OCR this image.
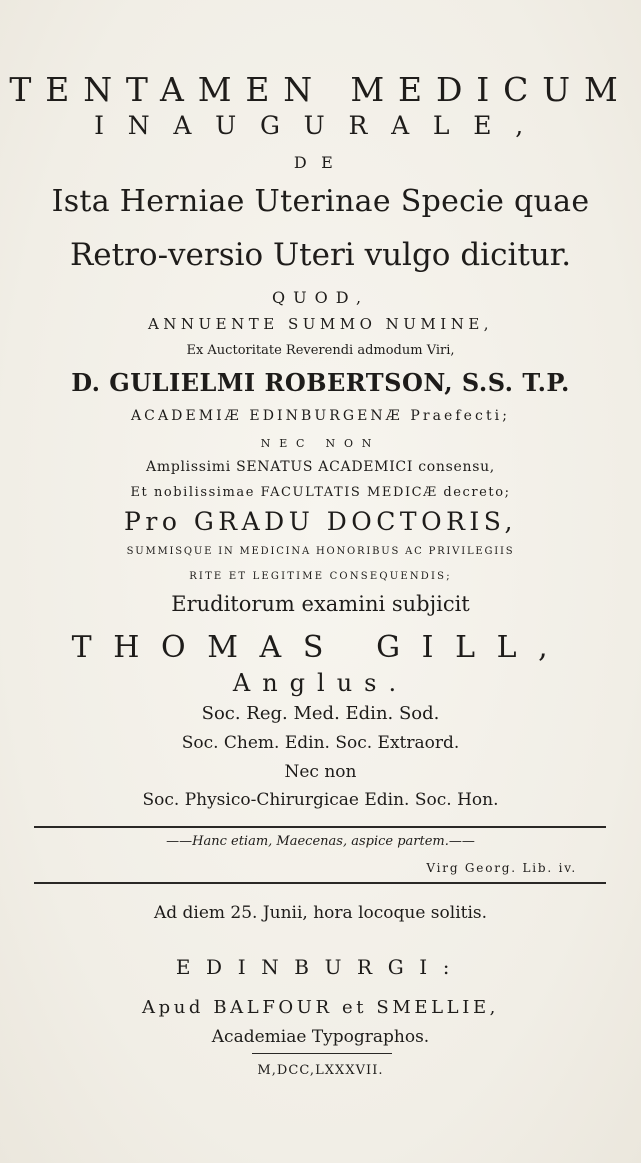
TENTAMEN MEDICUM
INAUGURALE,
DE
Ista Herniae Uterinae Specie quae
Retro-versio Uteri vulgo dicitur.
QUOD,
ANNUENTE SUMMO NUMINE,
Ex Auctoritate Reverendi admodum Viri,
D. GULIELMI ROBERTSON, S.S. T.P.
ACADEMIÆ EDINBURGENÆ Praefecti;
NEC NON
Amplissimi SENATUS ACADEMICI consensu,
Et nobilissimae FACULTATIS MEDICÆ decreto;
Pro GRADU DOCTORIS,
SUMMISQUE IN MEDICINA HONORIBUS AC PRIVILEGIIS
RITE ET LEGITIME CONSEQUENDIS;
Eruditorum examini subjicit
THOMAS GILL,
Anglus.
Soc. Reg. Med. Edin. Sod.
Soc. Chem. Edin. Soc. Extraord.
Nec non
Soc. Physico-Chirurgicae Edin. Soc. Hon.
——Hanc etiam, Maecenas, aspice partem.——
Virg Georg. Lib. iv.
Ad diem 25. Junii, hora locoque solitis.
EDINBURGI:
Apud BALFOUR et SMELLIE,
Academiae Typographos.
M,DCC,LXXXVII.
